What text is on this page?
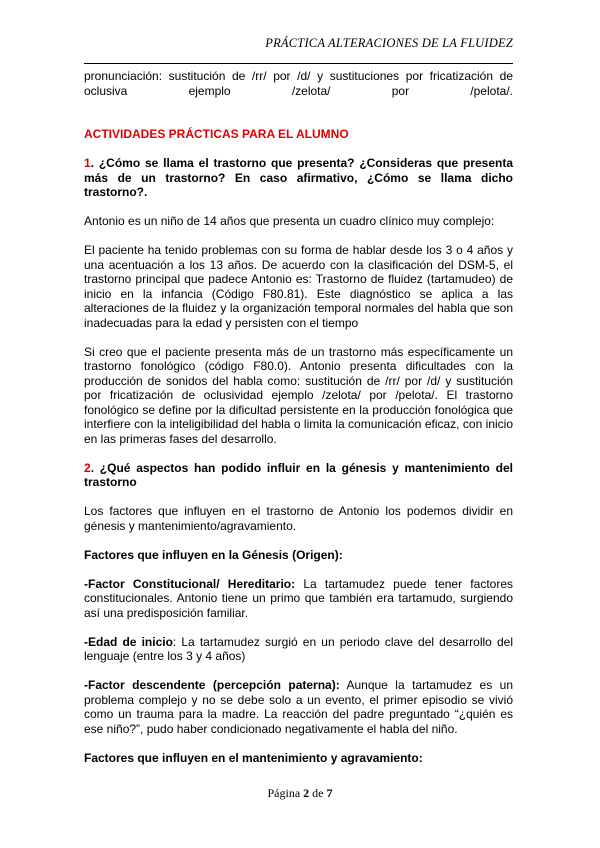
PRÁCTICA ALTERACIONES DE LA FLUIDEZ

pronunciación: sustitución de /rr/ por /d/ y sustituciones por fricatización de oclusiva ejemplo /zelota/ por /pelota/.

ACTIVIDADES PRÁCTICAS PARA EL ALUMNO

1. ¿Cómo se llama el trastorno que presenta? ¿Consideras que presenta más de un trastorno? En caso afirmativo, ¿Cómo se llama dicho trastorno?.

Antonio es un niño de 14 años que presenta un cuadro clínico muy complejo:

El paciente ha tenido problemas con su forma de hablar desde los 3 o 4 años y una acentuación a los 13 años. De acuerdo con la clasificación del DSM-5, el trastorno principal que padece Antonio es: Trastorno de fluidez (tartamudeo) de inicio en la infancia (Código F80.81). Este diagnóstico se aplica a las alteraciones de la fluidez y la organización temporal normales del habla que son inadecuadas para la edad y persisten con el tiempo

Si creo que el paciente presenta más de un trastorno más específicamente un trastorno fonológico (código F80.0). Antonio presenta dificultades con la producción de sonidos del habla como: sustitución de /rr/ por /d/ y sustitución por fricatización de oclusividad ejemplo /zelota/ por /pelota/. El trastorno fonológico se define por la dificultad persistente en la producción fonológica que interfiere con la inteligibilidad del habla o limita la comunicación eficaz, con inicio en las primeras fases del desarrollo.

2. ¿Qué aspectos han podido influir en la génesis y mantenimiento del trastorno

Los factores que influyen en el trastorno de Antonio los podemos dividir en génesis y mantenimiento/agravamiento.

Factores que influyen en la Génesis (Origen):

-Factor Constitucional/ Hereditario: La tartamudez puede tener factores constitucionales. Antonio tiene un primo que también era tartamudo, surgiendo así una predisposición familiar.

-Edad de inicio: La tartamudez surgió en un periodo clave del desarrollo del lenguaje (entre los 3 y 4 años)

-Factor descendente (percepción paterna): Aunque la tartamudez es un problema complejo y no se debe solo a un evento, el primer episodio se vivió como un trauma para la madre. La reacción del padre preguntado “¿quién es ese niño?”, pudo haber condicionado negativamente el habla del niño.

Factores que influyen en el mantenimiento y agravamiento:

Página 2 de 7
